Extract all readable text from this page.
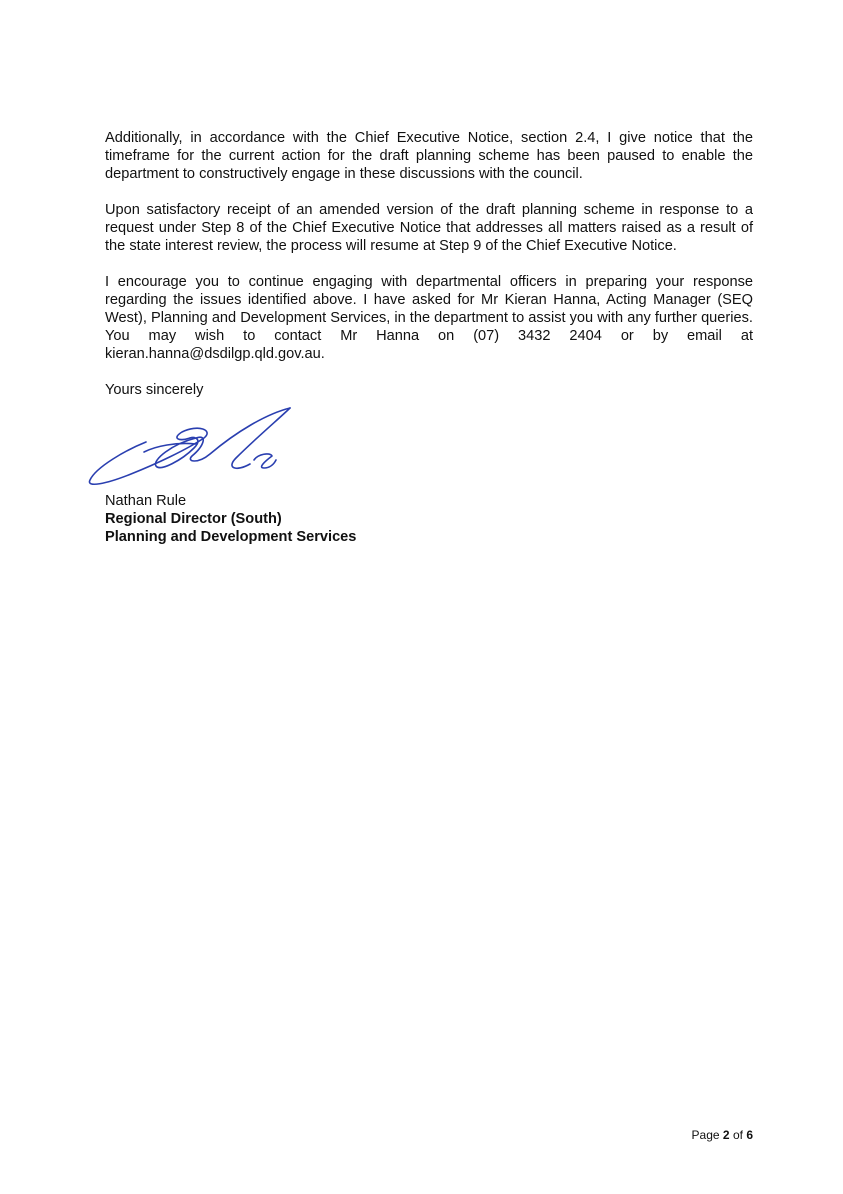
Additionally, in accordance with the Chief Executive Notice, section 2.4, I give notice that the timeframe for the current action for the draft planning scheme has been paused to enable the department to constructively engage in these discussions with the council.

Upon satisfactory receipt of an amended version of the draft planning scheme in response to a request under Step 8 of the Chief Executive Notice that addresses all matters raised as a result of the state interest review, the process will resume at Step 9 of the Chief Executive Notice.

I encourage you to continue engaging with departmental officers in preparing your response regarding the issues identified above. I have asked for Mr Kieran Hanna, Acting Manager (SEQ West), Planning and Development Services, in the department to assist you with any further queries. You may wish to contact Mr Hanna on (07) 3432 2404 or by email at kieran.hanna@dsdilgp.qld.gov.au.

Yours sincerely

Nathan Rule
Regional Director (South)
Planning and Development Services
Page 2 of 6
